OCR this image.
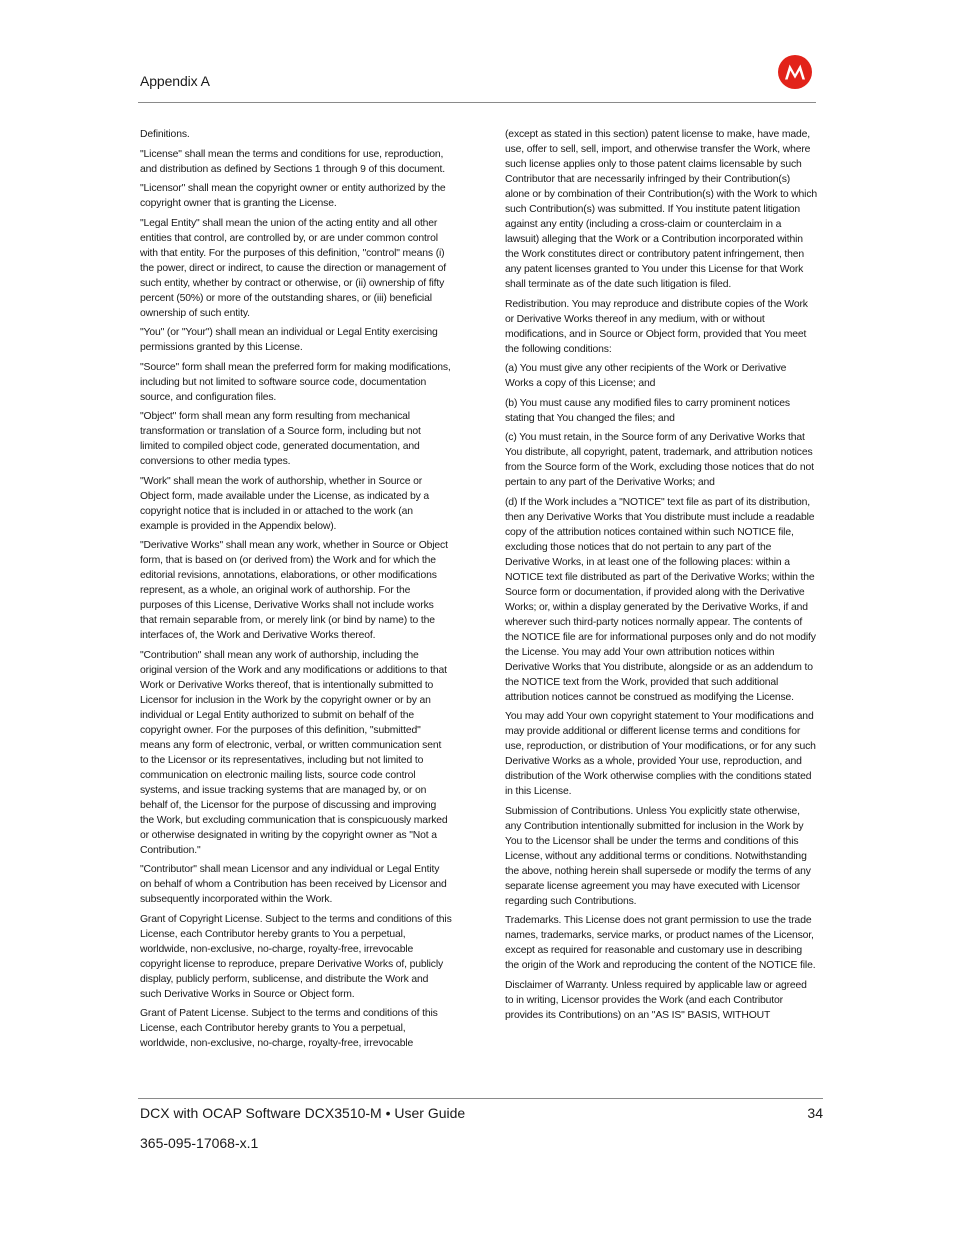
Appendix A

Definitions.

"License" shall mean the terms and conditions for use, reproduction, and distribution as defined by Sections 1 through 9 of this document.

"Licensor" shall mean the copyright owner or entity authorized by the copyright owner that is granting the License.

"Legal Entity" shall mean the union of the acting entity and all other entities that control, are controlled by, or are under common control with that entity. For the purposes of this definition, "control" means (i) the power, direct or indirect, to cause the direction or management of such entity, whether by contract or otherwise, or (ii) ownership of fifty percent (50%) or more of the outstanding shares, or (iii) beneficial ownership of such entity.

"You" (or "Your") shall mean an individual or Legal Entity exercising permissions granted by this License.

"Source" form shall mean the preferred form for making modifications, including but not limited to software source code, documentation source, and configuration files.

"Object" form shall mean any form resulting from mechanical transformation or translation of a Source form, including but not limited to compiled object code, generated documentation, and conversions to other media types.

"Work" shall mean the work of authorship, whether in Source or Object form, made available under the License, as indicated by a copyright notice that is included in or attached to the work (an example is provided in the Appendix below).

"Derivative Works" shall mean any work, whether in Source or Object form, that is based on (or derived from) the Work and for which the editorial revisions, annotations, elaborations, or other modifications represent, as a whole, an original work of authorship. For the purposes of this License, Derivative Works shall not include works that remain separable from, or merely link (or bind by name) to the interfaces of, the Work and Derivative Works thereof.

"Contribution" shall mean any work of authorship, including the original version of the Work and any modifications or additions to that Work or Derivative Works thereof, that is intentionally submitted to Licensor for inclusion in the Work by the copyright owner or by an individual or Legal Entity authorized to submit on behalf of the copyright owner. For the purposes of this definition, "submitted" means any form of electronic, verbal, or written communication sent to the Licensor or its representatives, including but not limited to communication on electronic mailing lists, source code control systems, and issue tracking systems that are managed by, or on behalf of, the Licensor for the purpose of discussing and improving the Work, but excluding communication that is conspicuously marked or otherwise designated in writing by the copyright owner as "Not a Contribution."

"Contributor" shall mean Licensor and any individual or Legal Entity on behalf of whom a Contribution has been received by Licensor and subsequently incorporated within the Work.

Grant of Copyright License. Subject to the terms and conditions of this License, each Contributor hereby grants to You a perpetual, worldwide, non-exclusive, no-charge, royalty-free, irrevocable copyright license to reproduce, prepare Derivative Works of, publicly display, publicly perform, sublicense, and distribute the Work and such Derivative Works in Source or Object form.

Grant of Patent License. Subject to the terms and conditions of this License, each Contributor hereby grants to You a perpetual, worldwide, non-exclusive, no-charge, royalty-free, irrevocable

(except as stated in this section) patent license to make, have made, use, offer to sell, sell, import, and otherwise transfer the Work, where such license applies only to those patent claims licensable by such Contributor that are necessarily infringed by their Contribution(s) alone or by combination of their Contribution(s) with the Work to which such Contribution(s) was submitted. If You institute patent litigation against any entity (including a cross-claim or counterclaim in a lawsuit) alleging that the Work or a Contribution incorporated within the Work constitutes direct or contributory patent infringement, then any patent licenses granted to You under this License for that Work shall terminate as of the date such litigation is filed.

Redistribution. You may reproduce and distribute copies of the Work or Derivative Works thereof in any medium, with or without modifications, and in Source or Object form, provided that You meet the following conditions:

(a) You must give any other recipients of the Work or Derivative Works a copy of this License; and

(b) You must cause any modified files to carry prominent notices stating that You changed the files; and

(c) You must retain, in the Source form of any Derivative Works that You distribute, all copyright, patent, trademark, and attribution notices from the Source form of the Work, excluding those notices that do not pertain to any part of the Derivative Works; and

(d) If the Work includes a "NOTICE" text file as part of its distribution, then any Derivative Works that You distribute must include a readable copy of the attribution notices contained within such NOTICE file, excluding those notices that do not pertain to any part of the Derivative Works, in at least one of the following places: within a NOTICE text file distributed as part of the Derivative Works; within the Source form or documentation, if provided along with the Derivative Works; or, within a display generated by the Derivative Works, if and wherever such third-party notices normally appear. The contents of the NOTICE file are for informational purposes only and do not modify the License. You may add Your own attribution notices within Derivative Works that You distribute, alongside or as an addendum to the NOTICE text from the Work, provided that such additional attribution notices cannot be construed as modifying the License.

You may add Your own copyright statement to Your modifications and may provide additional or different license terms and conditions for use, reproduction, or distribution of Your modifications, or for any such Derivative Works as a whole, provided Your use, reproduction, and distribution of the Work otherwise complies with the conditions stated in this License.

Submission of Contributions. Unless You explicitly state otherwise, any Contribution intentionally submitted for inclusion in the Work by You to the Licensor shall be under the terms and conditions of this License, without any additional terms or conditions. Notwithstanding the above, nothing herein shall supersede or modify the terms of any separate license agreement you may have executed with Licensor regarding such Contributions.

Trademarks. This License does not grant permission to use the trade names, trademarks, service marks, or product names of the Licensor, except as required for reasonable and customary use in describing the origin of the Work and reproducing the content of the NOTICE file.

Disclaimer of Warranty. Unless required by applicable law or agreed to in writing, Licensor provides the Work (and each Contributor provides its Contributions) on an "AS IS" BASIS, WITHOUT

DCX with OCAP Software DCX3510-M • User Guide	34
365-095-17068-x.1
